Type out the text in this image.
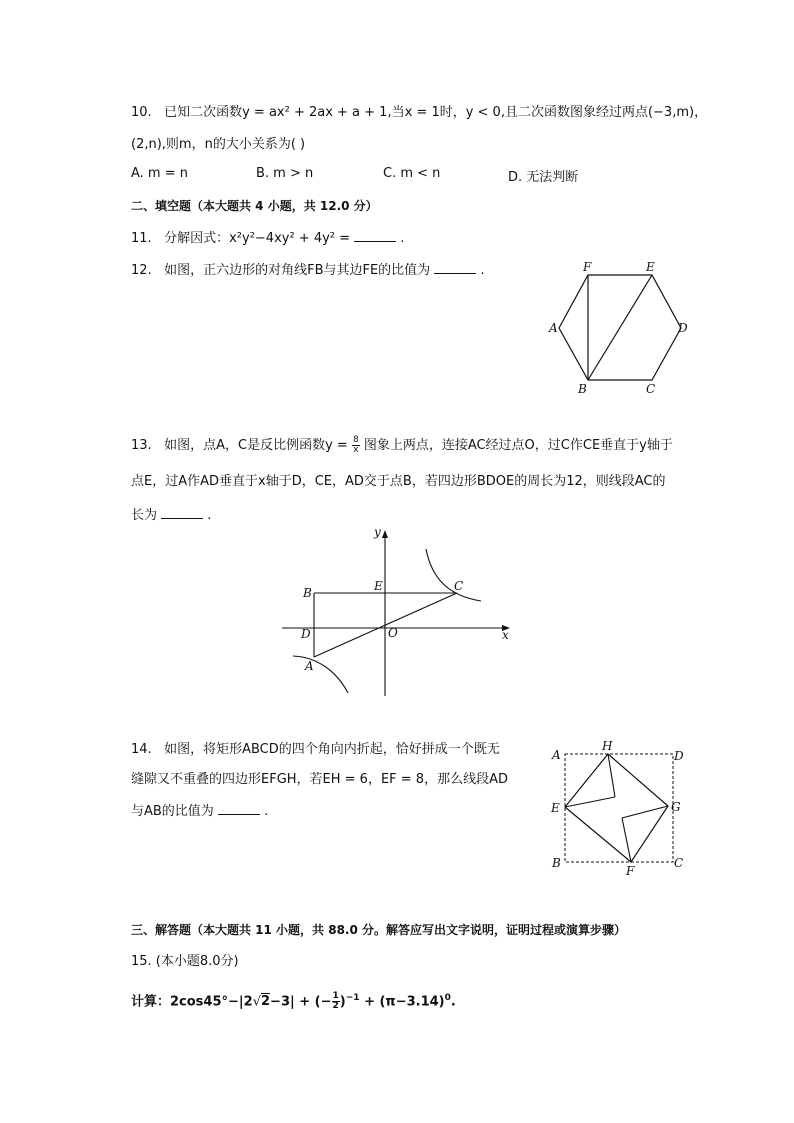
10. 已知二次函数y = ax² + 2ax + a + 1,当x = 1时，y < 0,且二次函数图象经过两点(−3,m)，
(2,n),则m，n的大小关系为( )
A. m = n	B. m > n	C. m < n	D. 无法判断
二、填空题（本大题共 4 小题，共 12.0 分）
11. 分解因式：x²y²−4xy² + 4y² =	.
12. 如图，正六边形的对角线FB与其边FE的比值为	.	F	E
A	D
B	C
13. 如图，点A，C是反比例函数$y = \frac{8}{x}$ 图象上两点，连接AC经过点O，过C作CE垂直于y轴于
点E，过A作AD垂直于x轴于D，CE，AD交于点B，若四边形BDOE的周长为12，则线段AC的
长为	.
y
E	C
B
D	O	x
A
14. 如图，将矩形ABCD的四个角向内折起，恰好拼成一个既无
缝隙又不重叠的四边形EFGH，若EH = 6，EF = 8，那么线段AD
与AB的比值为	.
A
H
D
E	G
B
F
C
三、解答题（本大题共 11 小题，共 88.0 分。解答应写出文字说明，证明过程或演算步骤）
15. (本小题8.0分)
计算：2cos45°−|2√2−3| + (− $\frac{1}{2} )^{-1} + (\pi-3.14)^0$.
